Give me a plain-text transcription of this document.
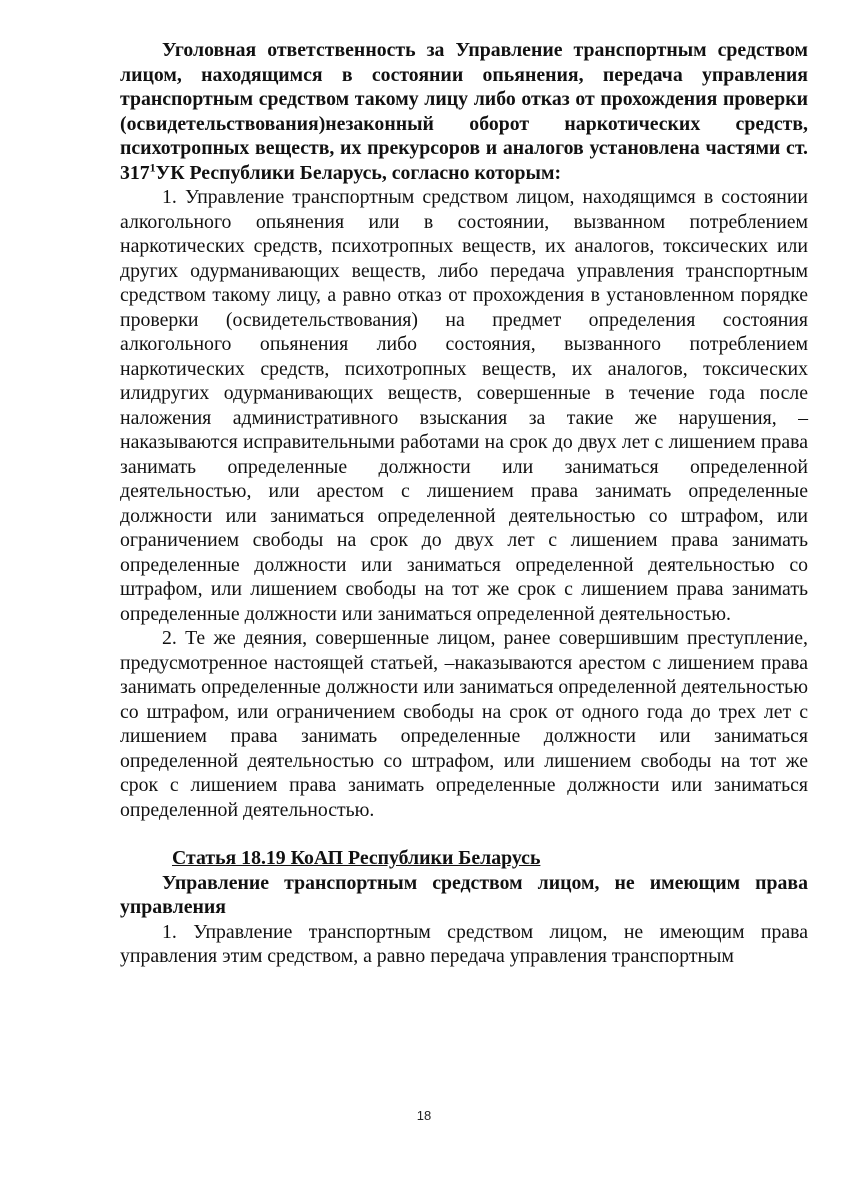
Уголовная ответственность за Управление транспортным средством лицом, находящимся в состоянии опьянения, передача управления транспортным средством такому лицу либо отказ от прохождения проверки (освидетельствования)незаконный оборот наркотических средств, психотропных веществ, их прекурсоров и аналогов установлена частями ст. $317^1УК$ Республики Беларусь, согласно которым:

1. Управление транспортным средством лицом, находящимся в состоянии алкогольного опьянения или в состоянии, вызванном потреблением наркотических средств, психотропных веществ, их аналогов, токсических или других одурманивающих веществ, либо передача управления транспортным средством такому лицу, а равно отказ от прохождения в установленном порядке проверки (освидетельствования) на предмет определения состояния алкогольного опьянения либо состояния, вызванного потреблением наркотических средств, психотропных веществ, их аналогов, токсических илидругих одурманивающих веществ, совершенные в течение года после наложения административного взыскания за такие же нарушения, –наказываются исправительными работами на срок до двух лет с лишением права занимать определенные должности или заниматься определенной деятельностью, или арестом с лишением права занимать определенные должности или заниматься определенной деятельностью со штрафом, или ограничением свободы на срок до двух лет с лишением права занимать определенные должности или заниматься определенной деятельностью со штрафом, или лишением свободы на тот же срок с лишением права занимать определенные должности или заниматься определенной деятельностью.

2. Те же деяния, совершенные лицом, ранее совершившим преступление, предусмотренное настоящей статьей, –наказываются арестом с лишением права занимать определенные должности или заниматься определенной деятельностью со штрафом, или ограничением свободы на срок от одного года до трех лет с лишением права занимать определенные должности или заниматься определенной деятельностью со штрафом, или лишением свободы на тот же срок с лишением права занимать определенные должности или заниматься определенной деятельностью.

Статья 18.19 КоАП Республики Беларусь

Управление транспортным средством лицом, не имеющим права управления

1. Управление транспортным средством лицом, не имеющим права управления этим средством, а равно передача управления транспортным

18
